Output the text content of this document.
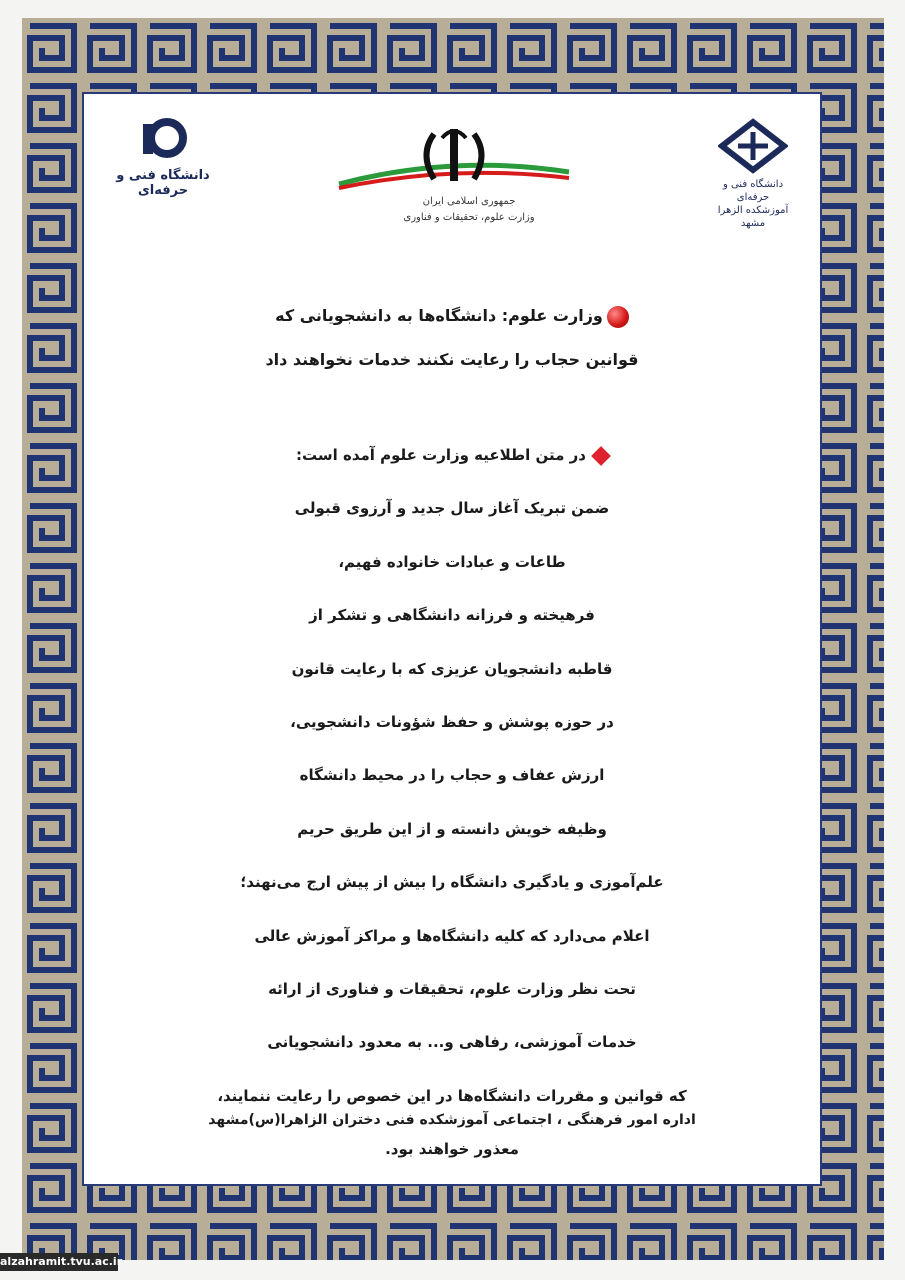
دانشگاه فنی و حرفه‌ای
جمهوری اسلامی ایران
وزارت علوم، تحقیقات و فناوری
دانشگاه فنی و حرفه‌ای
آموزشکده الزهرا مشهد
وزارت علوم: دانشگاه‌ها به دانشجویانی که
قوانین حجاب را رعایت نکنند خدمات نخواهند داد
در متن اطلاعیه وزارت علوم آمده است:
ضمن تبریک آغاز سال جدید و آرزوی قبولی
طاعات و عبادات خانواده فهیم،
فرهیخته و فرزانه دانشگاهی و تشکر از
قاطبه دانشجویان عزیزی که با رعایت قانون
در حوزه پوشش و حفظ شؤونات دانشجویی،
ارزش عفاف و حجاب را در محیط دانشگاه
وظیفه خویش دانسته و از این طریق حریم
علم‌آموزی و یادگیری دانشگاه را بیش از پیش ارج می‌نهند؛
اعلام می‌دارد که کلیه دانشگاه‌ها و مراکز آموزش عالی
تحت نظر وزارت علوم، تحقیقات و فناوری از ارائه
خدمات آموزشی، رفاهی و... به معدود دانشجویانی
که قوانین و مقررات دانشگاه‌ها در این خصوص را رعایت ننمایند،
معذور خواهند بود.
اداره امور فرهنگی ، اجتماعی آموزشکده فنی دختران الزاهرا(س)مشهد
alzahramit.tvu.ac.ir
